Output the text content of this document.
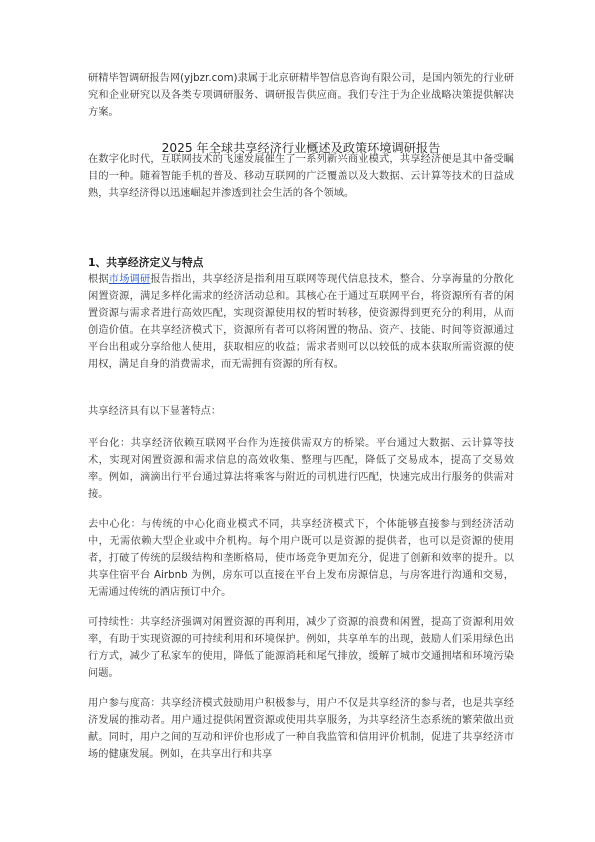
研精毕智调研报告网(yjbzr.com)隶属于北京研精毕智信息咨询有限公司，是国内领先的行业研究和企业研究以及各类专项调研服务、调研报告供应商。我们专注于为企业战略决策提供解决方案。

2025 年全球共享经济行业概述及政策环境调研报告

在数字化时代，互联网技术的飞速发展催生了一系列新兴商业模式，共享经济便是其中备受瞩目的一种。随着智能手机的普及、移动互联网的广泛覆盖以及大数据、云计算等技术的日益成熟，共享经济得以迅速崛起并渗透到社会生活的各个领域。

1、共享经济定义与特点

根据市场调研报告指出，共享经济是指利用互联网等现代信息技术，整合、分享海量的分散化闲置资源，满足多样化需求的经济活动总和。其核心在于通过互联网平台，将资源所有者的闲置资源与需求者进行高效匹配，实现资源使用权的暂时转移，使资源得到更充分的利用，从而创造价值。在共享经济模式下，资源所有者可以将闲置的物品、资产、技能、时间等资源通过平台出租或分享给他人使用，获取相应的收益；需求者则可以以较低的成本获取所需资源的使用权，满足自身的消费需求，而无需拥有资源的所有权。

共享经济具有以下显著特点：

平台化：共享经济依赖互联网平台作为连接供需双方的桥梁。平台通过大数据、云计算等技术，实现对闲置资源和需求信息的高效收集、整理与匹配，降低了交易成本，提高了交易效率。例如，滴滴出行平台通过算法将乘客与附近的司机进行匹配，快速完成出行服务的供需对接。

去中心化：与传统的中心化商业模式不同，共享经济模式下，个体能够直接参与到经济活动中，无需依赖大型企业或中介机构。每个用户既可以是资源的提供者，也可以是资源的使用者，打破了传统的层级结构和垄断格局，使市场竞争更加充分，促进了创新和效率的提升。以共享住宿平台 Airbnb 为例，房东可以直接在平台上发布房源信息，与房客进行沟通和交易，无需通过传统的酒店预订中介。

可持续性：共享经济强调对闲置资源的再利用，减少了资源的浪费和闲置，提高了资源利用效率，有助于实现资源的可持续利用和环境保护。例如，共享单车的出现，鼓励人们采用绿色出行方式，减少了私家车的使用，降低了能源消耗和尾气排放，缓解了城市交通拥堵和环境污染问题。

用户参与度高：共享经济模式鼓励用户积极参与，用户不仅是共享经济的参与者，也是共享经济发展的推动者。用户通过提供闲置资源或使用共享服务，为共享经济生态系统的繁荣做出贡献。同时，用户之间的互动和评价也形成了一种自我监管和信用评价机制，促进了共享经济市场的健康发展。例如，在共享出行和共享
